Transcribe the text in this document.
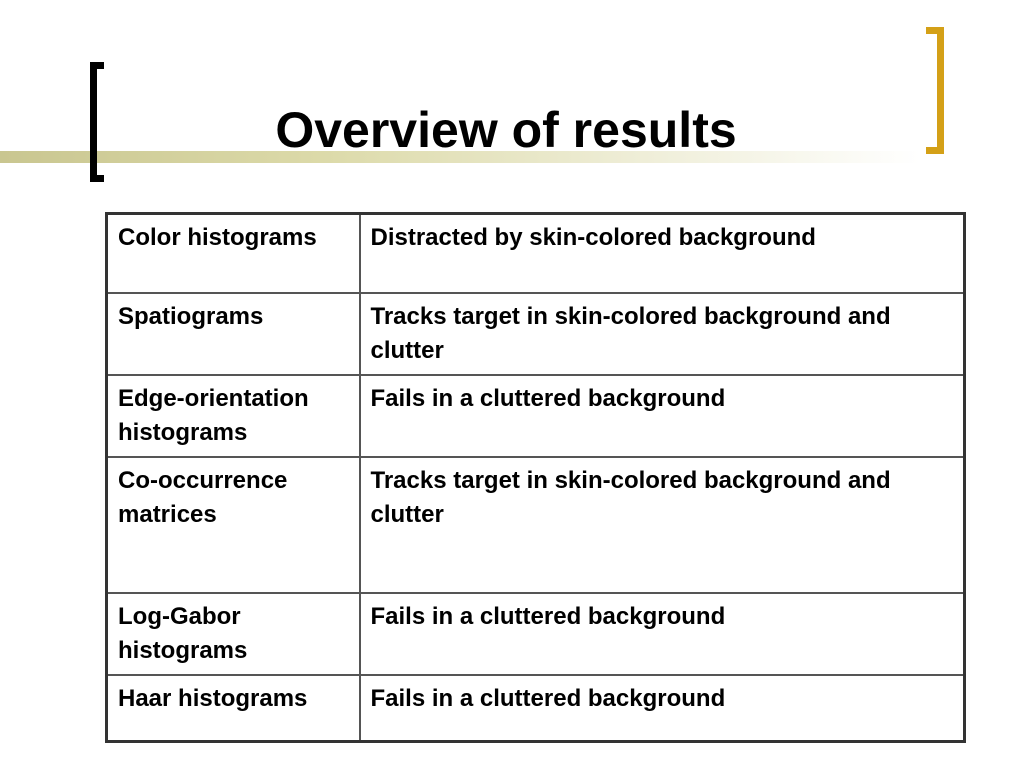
Overview of results
Color histograms	Distracted by skin-colored background
Spatiograms	Tracks target in skin-colored background and clutter
Edge-orientation histograms	Fails in a cluttered background
Co-occurrence matrices	Tracks target in skin-colored background and clutter
Log-Gabor histograms	Fails in a cluttered background
Haar histograms	Fails in a cluttered background
